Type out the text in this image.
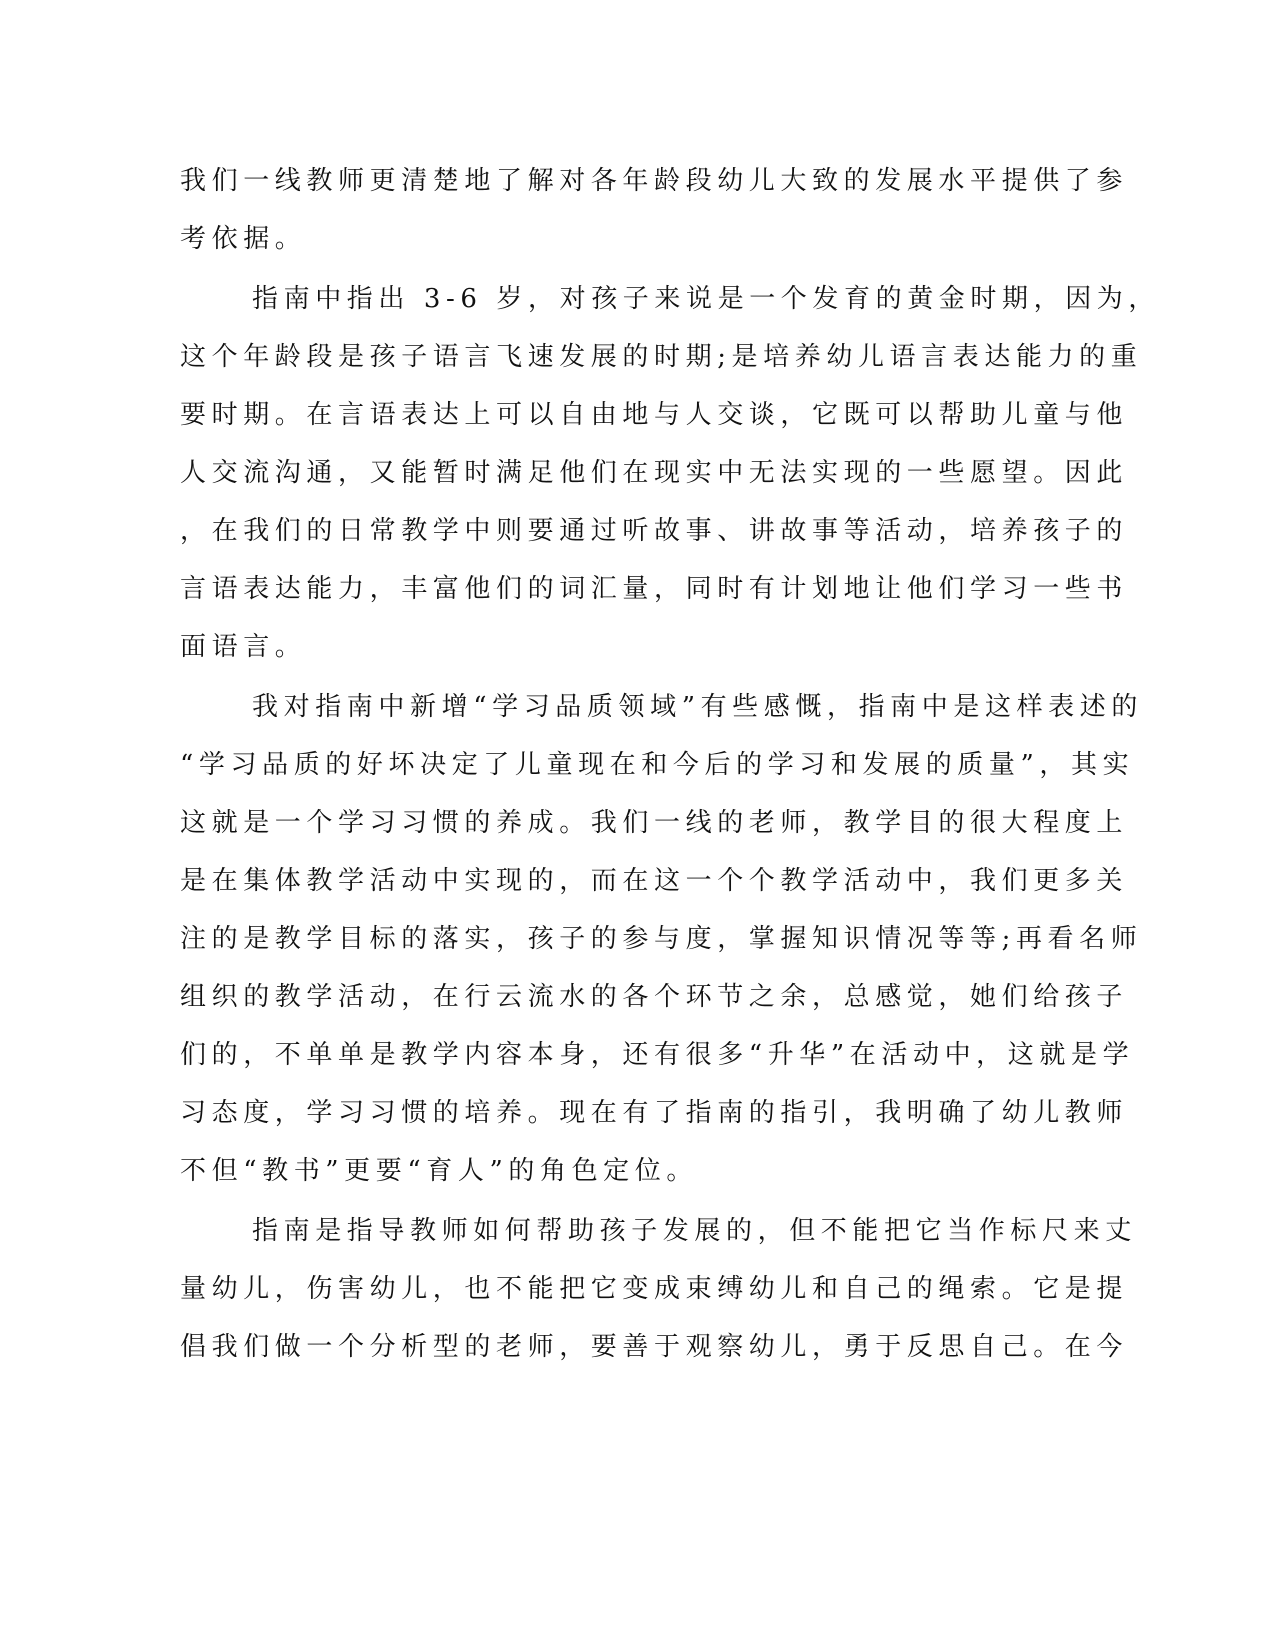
我们一线教师更清楚地了解对各年龄段幼儿大致的发展水平提供了参
考依据。
指南中指出 3-6 岁，对孩子来说是一个发育的黄金时期，因为，
这个年龄段是孩子语言飞速发展的时期;是培养幼儿语言表达能力的重
要时期。在言语表达上可以自由地与人交谈，它既可以帮助儿童与他
人交流沟通，又能暂时满足他们在现实中无法实现的一些愿望。因此
，在我们的日常教学中则要通过听故事、讲故事等活动，培养孩子的
言语表达能力，丰富他们的词汇量，同时有计划地让他们学习一些书
面语言。
我对指南中新增“学习品质领域”有些感慨，指南中是这样表述的
“学习品质的好坏决定了儿童现在和今后的学习和发展的质量”，其实
这就是一个学习习惯的养成。我们一线的老师，教学目的很大程度上
是在集体教学活动中实现的，而在这一个个教学活动中，我们更多关
注的是教学目标的落实，孩子的参与度，掌握知识情况等等;再看名师
组织的教学活动，在行云流水的各个环节之余，总感觉，她们给孩子
们的，不单单是教学内容本身，还有很多“升华”在活动中，这就是学
习态度，学习习惯的培养。现在有了指南的指引，我明确了幼儿教师
不但“教书”更要“育人”的角色定位。
指南是指导教师如何帮助孩子发展的，但不能把它当作标尺来丈
量幼儿，伤害幼儿，也不能把它变成束缚幼儿和自己的绳索。它是提
倡我们做一个分析型的老师，要善于观察幼儿，勇于反思自己。在今
